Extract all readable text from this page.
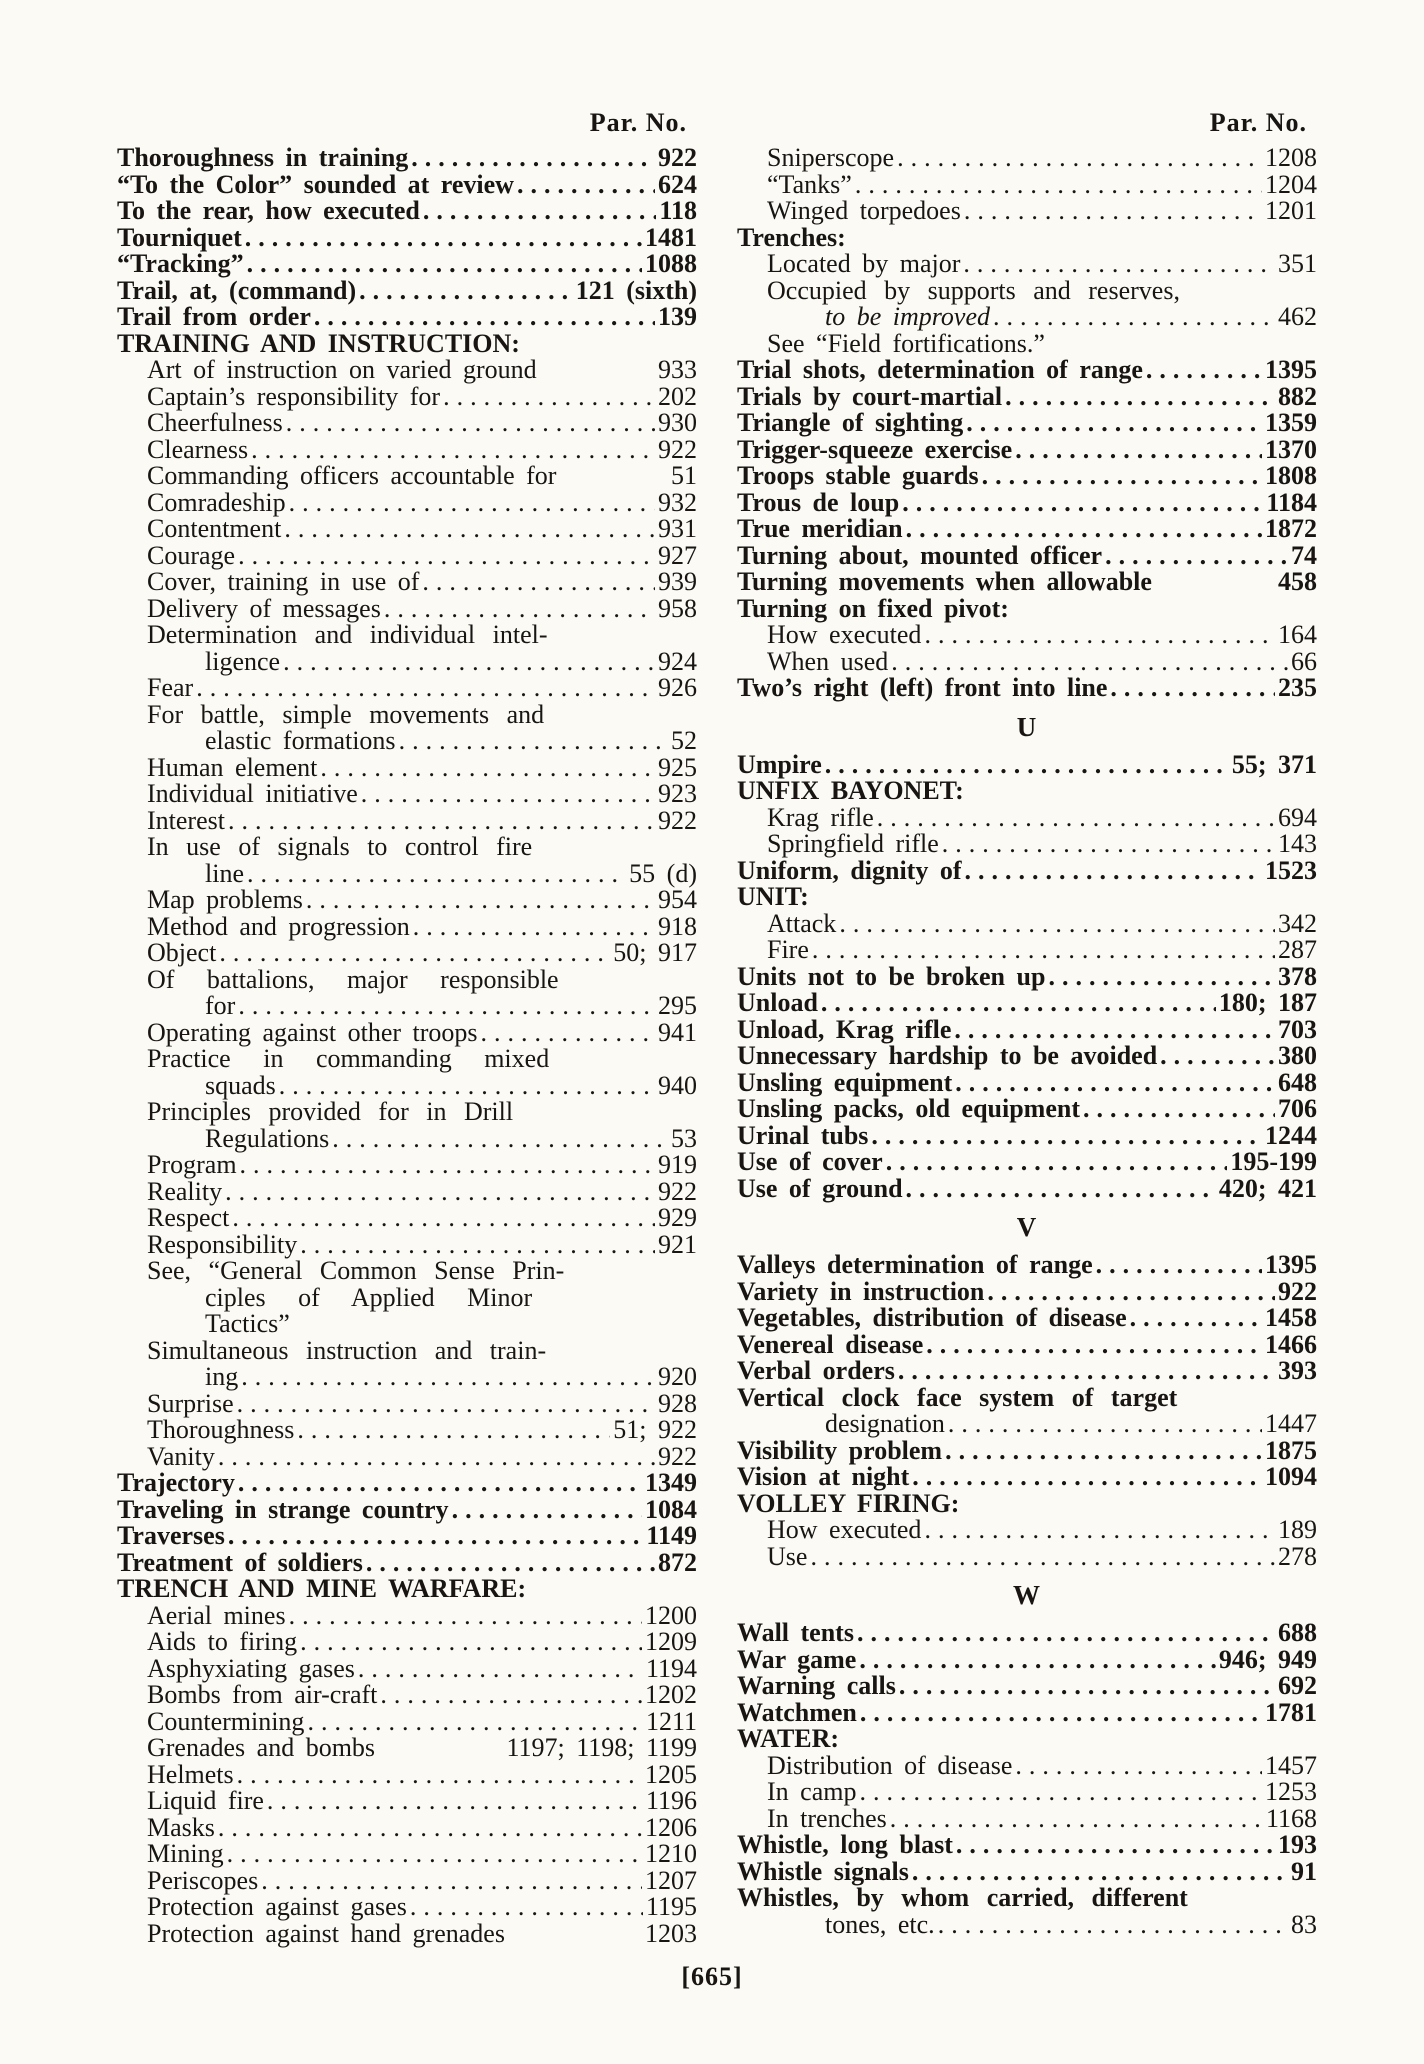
Par. No.
Thoroughness in training .....	922
“To the Color” sounded at review .....	624
To the rear, how executed .....	118
Tourniquet .....	1481
“Tracking” .....	1088
Trail, at, (command) .....	121 (sixth)
Trail from order .....	139
TRAINING AND INSTRUCTION:
Art of instruction on varied ground	933
Captain’s responsibility for .....	202
Cheerfulness .....	930
Clearness .....	922
Commanding officers accountable for	51
Comradeship .....	932
Contentment .....	931
Courage .....	927
Cover, training in use of .....	939
Delivery of messages .....	958
Determination and individual intel-
ligence .....	924
Fear .....	926
For battle, simple movements and
elastic formations .....	52
Human element .....	925
Individual initiative .....	923
Interest .....	922
In use of signals to control fire
line .....	55 (d)
Map problems .....	954
Method and progression .....	918
Object .....	50; 917
Of battalions, major responsible
for .....	295
Operating against other troops .....	941
Practice in commanding mixed
squads .....	940
Principles provided for in Drill
Regulations .....	53
Program .....	919
Reality .....	922
Respect .....	929
Responsibility .....	921
See, “General Common Sense Prin-
ciples of Applied Minor
Tactics”
Simultaneous instruction and train-
ing .....	920
Surprise .....	928
Thoroughness .....	51; 922
Vanity .....	922
Trajectory .....	1349
Traveling in strange country .....	1084
Traverses .....	1149
Treatment of soldiers .....	872
TRENCH AND MINE WARFARE:
Aerial mines .....	1200
Aids to firing .....	1209
Asphyxiating gases .....	1194
Bombs from air-craft .....	1202
Countermining .....	1211
Grenades and bombs	1197; 1198; 1199
Helmets .....	1205
Liquid fire .....	1196
Masks .....	1206
Mining .....	1210
Periscopes .....	1207
Protection against gases .....	1195
Protection against hand grenades	1203
Par. No.
Sniperscope .....	1208
“Tanks” .....	1204
Winged torpedoes .....	1201
Trenches:
Located by major .....	351
Occupied by supports and reserves,
to be improved .....	462
See “Field fortifications.”
Trial shots, determination of range .....	1395
Trials by court-martial .....	882
Triangle of sighting .....	1359
Trigger-squeeze exercise .....	1370
Troops stable guards .....	1808
Trous de loup .....	1184
True meridian .....	1872
Turning about, mounted officer .....	74
Turning movements when allowable	458
Turning on fixed pivot:
How executed .....	164
When used .....	66
Two’s right (left) front into line .....	235
U
Umpire .....	55; 371
UNFIX BAYONET:
Krag rifle .....	694
Springfield rifle .....	143
Uniform, dignity of .....	1523
UNIT:
Attack .....	342
Fire .....	287
Units not to be broken up .....	378
Unload .....	180; 187
Unload, Krag rifle .....	703
Unnecessary hardship to be avoided .....	380
Unsling equipment .....	648
Unsling packs, old equipment .....	706
Urinal tubs .....	1244
Use of cover .....	195-199
Use of ground .....	420; 421
V
Valleys determination of range .....	1395
Variety in instruction .....	922
Vegetables, distribution of disease .....	1458
Venereal disease .....	1466
Verbal orders .....	393
Vertical clock face system of target
designation .....	1447
Visibility problem .....	1875
Vision at night .....	1094
VOLLEY FIRING:
How executed .....	189
Use .....	278
W
Wall tents .....	688
War game .....	946; 949
Warning calls .....	692
Watchmen .....	1781
WATER:
Distribution of disease .....	1457
In camp .....	1253
In trenches .....	1168
Whistle, long blast .....	193
Whistle signals .....	91
Whistles, by whom carried, different
tones, etc. .....	83
[665]
